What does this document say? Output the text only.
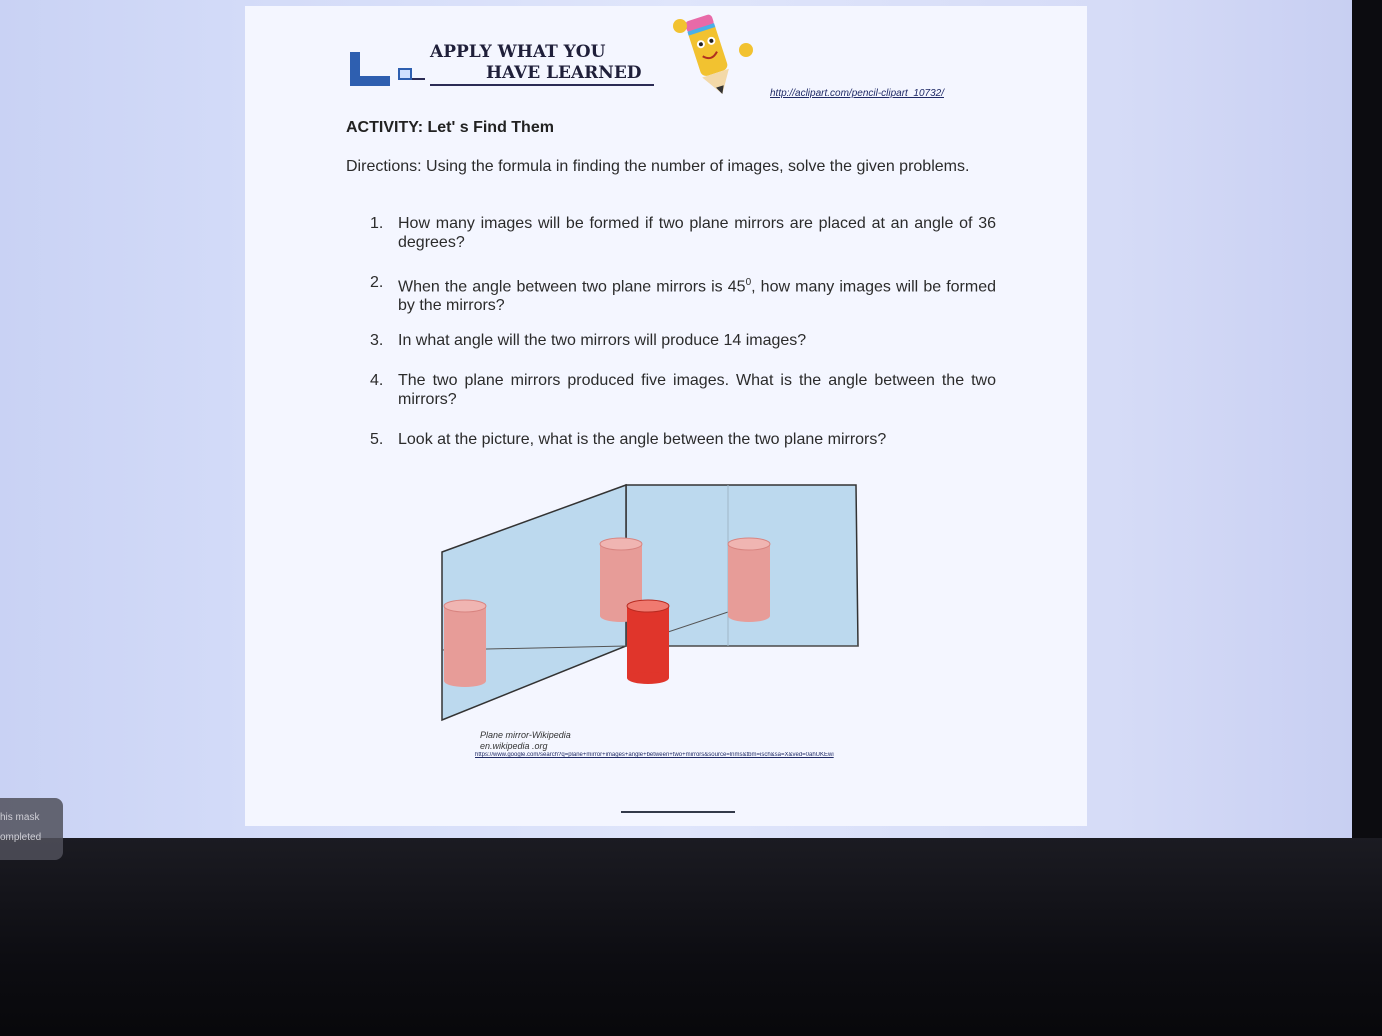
APPLY WHAT YOU
HAVE LEARNED
http://aclipart.com/pencil-clipart_10732/
ACTIVITY: Let' s Find Them
Directions: Using the formula in finding the number of images, solve the given problems.
1. How many images will be formed if two plane mirrors are placed at an angle of 36 degrees?
2. When the angle between two plane mirrors is $45^0$, how many images will be formed by the mirrors?
3. In what angle will the two mirrors will produce 14 images?
4. The two plane mirrors produced five images. What is the angle between the two mirrors?
5. Look at the picture, what is the angle between the two plane mirrors?
Plane mirror-Wikipedia
en.wikipedia .org
https://www.google.com/search?q=plane+mirror+images+angle+between+two+mirrors&source=lnms&tbm=isch&sa=X&ved=0ahUKEwi
his mask
ompleted
